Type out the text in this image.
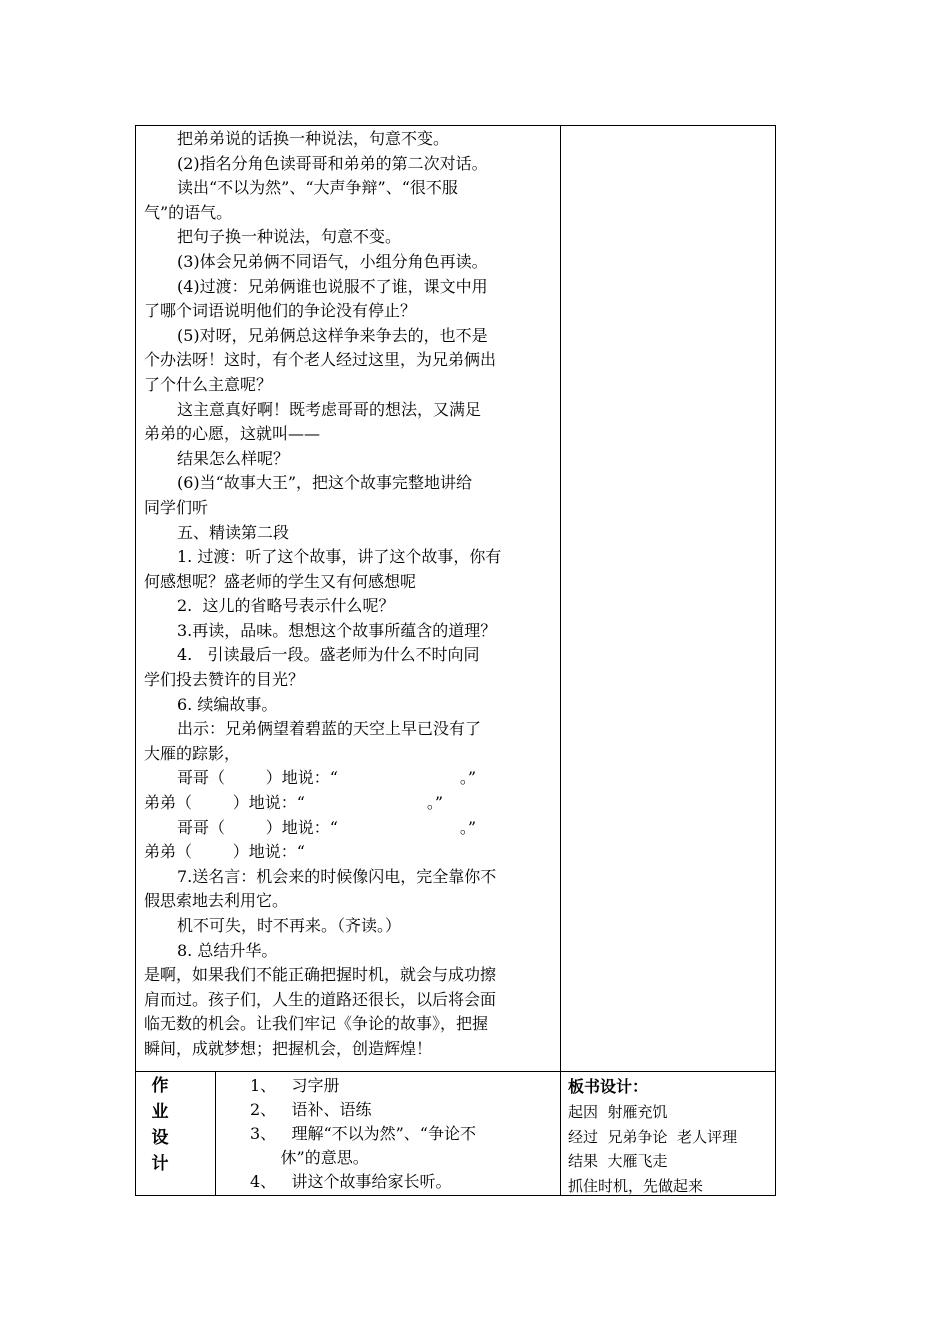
把弟弟说的话换一种说法，句意不变。
(2)指名分角色读哥哥和弟弟的第二次对话。
读出“不以为然”、“大声争辩”、“很不服
气”的语气。
把句子换一种说法，句意不变。
(3)体会兄弟俩不同语气，小组分角色再读。
(4)过渡：兄弟俩谁也说服不了谁，课文中用
了哪个词语说明他们的争论没有停止？
(5)对呀，兄弟俩总这样争来争去的，也不是
个办法呀！这时，有个老人经过这里，为兄弟俩出
了个什么主意呢？
这主意真好啊！既考虑哥哥的想法，又满足
弟弟的心愿，这就叫——
结果怎么样呢？
(6)当“故事大王”，把这个故事完整地讲给
同学们听
五、精读第二段
1. 过渡：听了这个故事，讲了这个故事，你有
何感想呢？盛老师的学生又有何感想呢
2.  这儿的省略号表示什么呢？
3.再读，品味。想想这个故事所蕴含的道理？
4.   引读最后一段。盛老师为什么不时向同
学们投去赞许的目光？
6. 续编故事。
出示：兄弟俩望着碧蓝的天空上早已没有了
大雁的踪影，
哥哥（        ）地说：“                        。”
弟弟（        ）地说：“                        。”
哥哥（        ）地说：“                        。”
弟弟（        ）地说：“
7.送名言：机会来的时候像闪电，完全靠你不
假思索地去利用它。
机不可失，时不再来。（齐读。）
8. 总结升华。
是啊，如果我们不能正确把握时机，就会与成功擦
肩而过。孩子们，人生的道路还很长，以后将会面
临无数的机会。让我们牢记《争论的故事》，把握
瞬间，成就梦想；把握机会，创造辉煌！
作
业
设
计
1、   习字册
2、   语补、语练
3、   理解“不以为然”、“争论不
休”的意思。
4、   讲这个故事给家长听。
板书设计：
起因  射雁充饥
经过  兄弟争论  老人评理
结果  大雁飞走
抓住时机，先做起来
